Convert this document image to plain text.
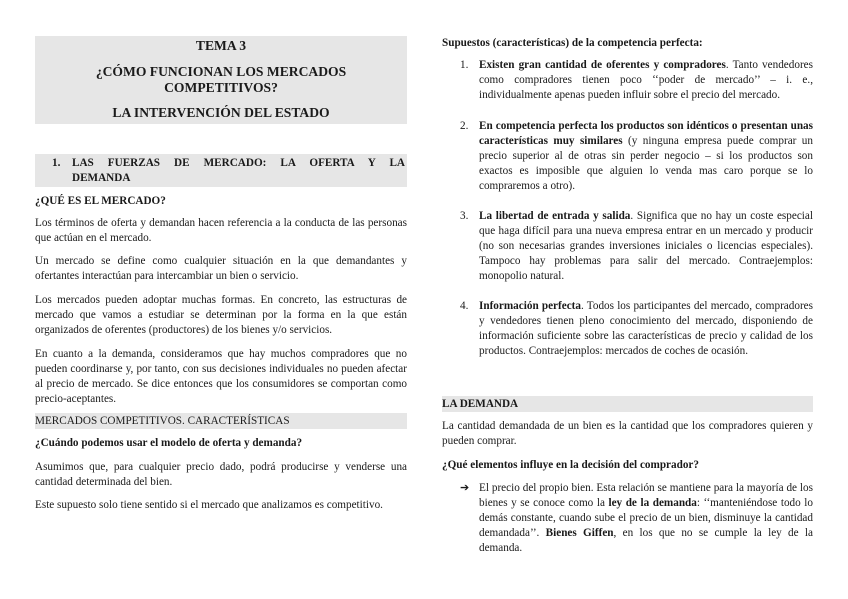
TEMA 3
¿CÓMO FUNCIONAN LOS MERCADOS
COMPETITIVOS?
LA INTERVENCIÓN DEL ESTADO
1. LAS FUERZAS DE MERCADO: LA OFERTA Y LA
DEMANDA

¿QUÉ ES EL MERCADO?

Los términos de oferta y demandan hacen referencia a la conducta de las personas que actúan en el mercado.

Un mercado se define como cualquier situación en la que demandantes y ofertantes interactúan para intercambiar un bien o servicio.

Los mercados pueden adoptar muchas formas. En concreto, las estructuras de mercado que vamos a estudiar se determinan por la forma en la que están organizados de oferentes (productores) de los bienes y/o servicios.

En cuanto a la demanda, consideramos que hay muchos compradores que no pueden coordinarse y, por tanto, con sus decisiones individuales no pueden afectar al precio de mercado. Se dice entonces que los consumidores se comportan como precio-aceptantes.

MERCADOS COMPETITIVOS. CARACTERÍSTICAS

¿Cuándo podemos usar el modelo de oferta y demanda?

Asumimos que, para cualquier precio dado, podrá producirse y venderse una cantidad determinada del bien.

Este supuesto solo tiene sentido si el mercado que analizamos es competitivo.

Supuestos (características) de la competencia perfecta:

1. Existen gran cantidad de oferentes y compradores. Tanto vendedores como compradores tienen poco ‘‘poder de mercado’’ – i. e., individualmente apenas pueden influir sobre el precio del mercado.

2. En competencia perfecta los productos son idénticos o presentan unas características muy similares (y ninguna empresa puede comprar un precio superior al de otras sin perder negocio – si los productos son exactos es imposible que alguien lo venda mas caro porque se lo compraremos a otro).

3. La libertad de entrada y salida. Significa que no hay un coste especial que haga difícil para una nueva empresa entrar en un mercado y producir (no son necesarias grandes inversiones iniciales o licencias especiales). Tampoco hay problemas para salir del mercado. Contraejemplos: monopolio natural.

4. Información perfecta. Todos los participantes del mercado, compradores y vendedores tienen pleno conocimiento del mercado, disponiendo de información suficiente sobre las características de precio y calidad de los productos. Contraejemplos: mercados de coches de ocasión.

LA DEMANDA

La cantidad demandada de un bien es la cantidad que los compradores quieren y pueden comprar.

¿Qué elementos influye en la decisión del comprador?

➔ El precio del propio bien. Esta relación se mantiene para la mayoría de los bienes y se conoce como la ley de la demanda: ‘‘manteniéndose todo lo demás constante, cuando sube el precio de un bien, disminuye la cantidad demandada’’. Bienes Giffen, en los que no se cumple la ley de la demanda.
